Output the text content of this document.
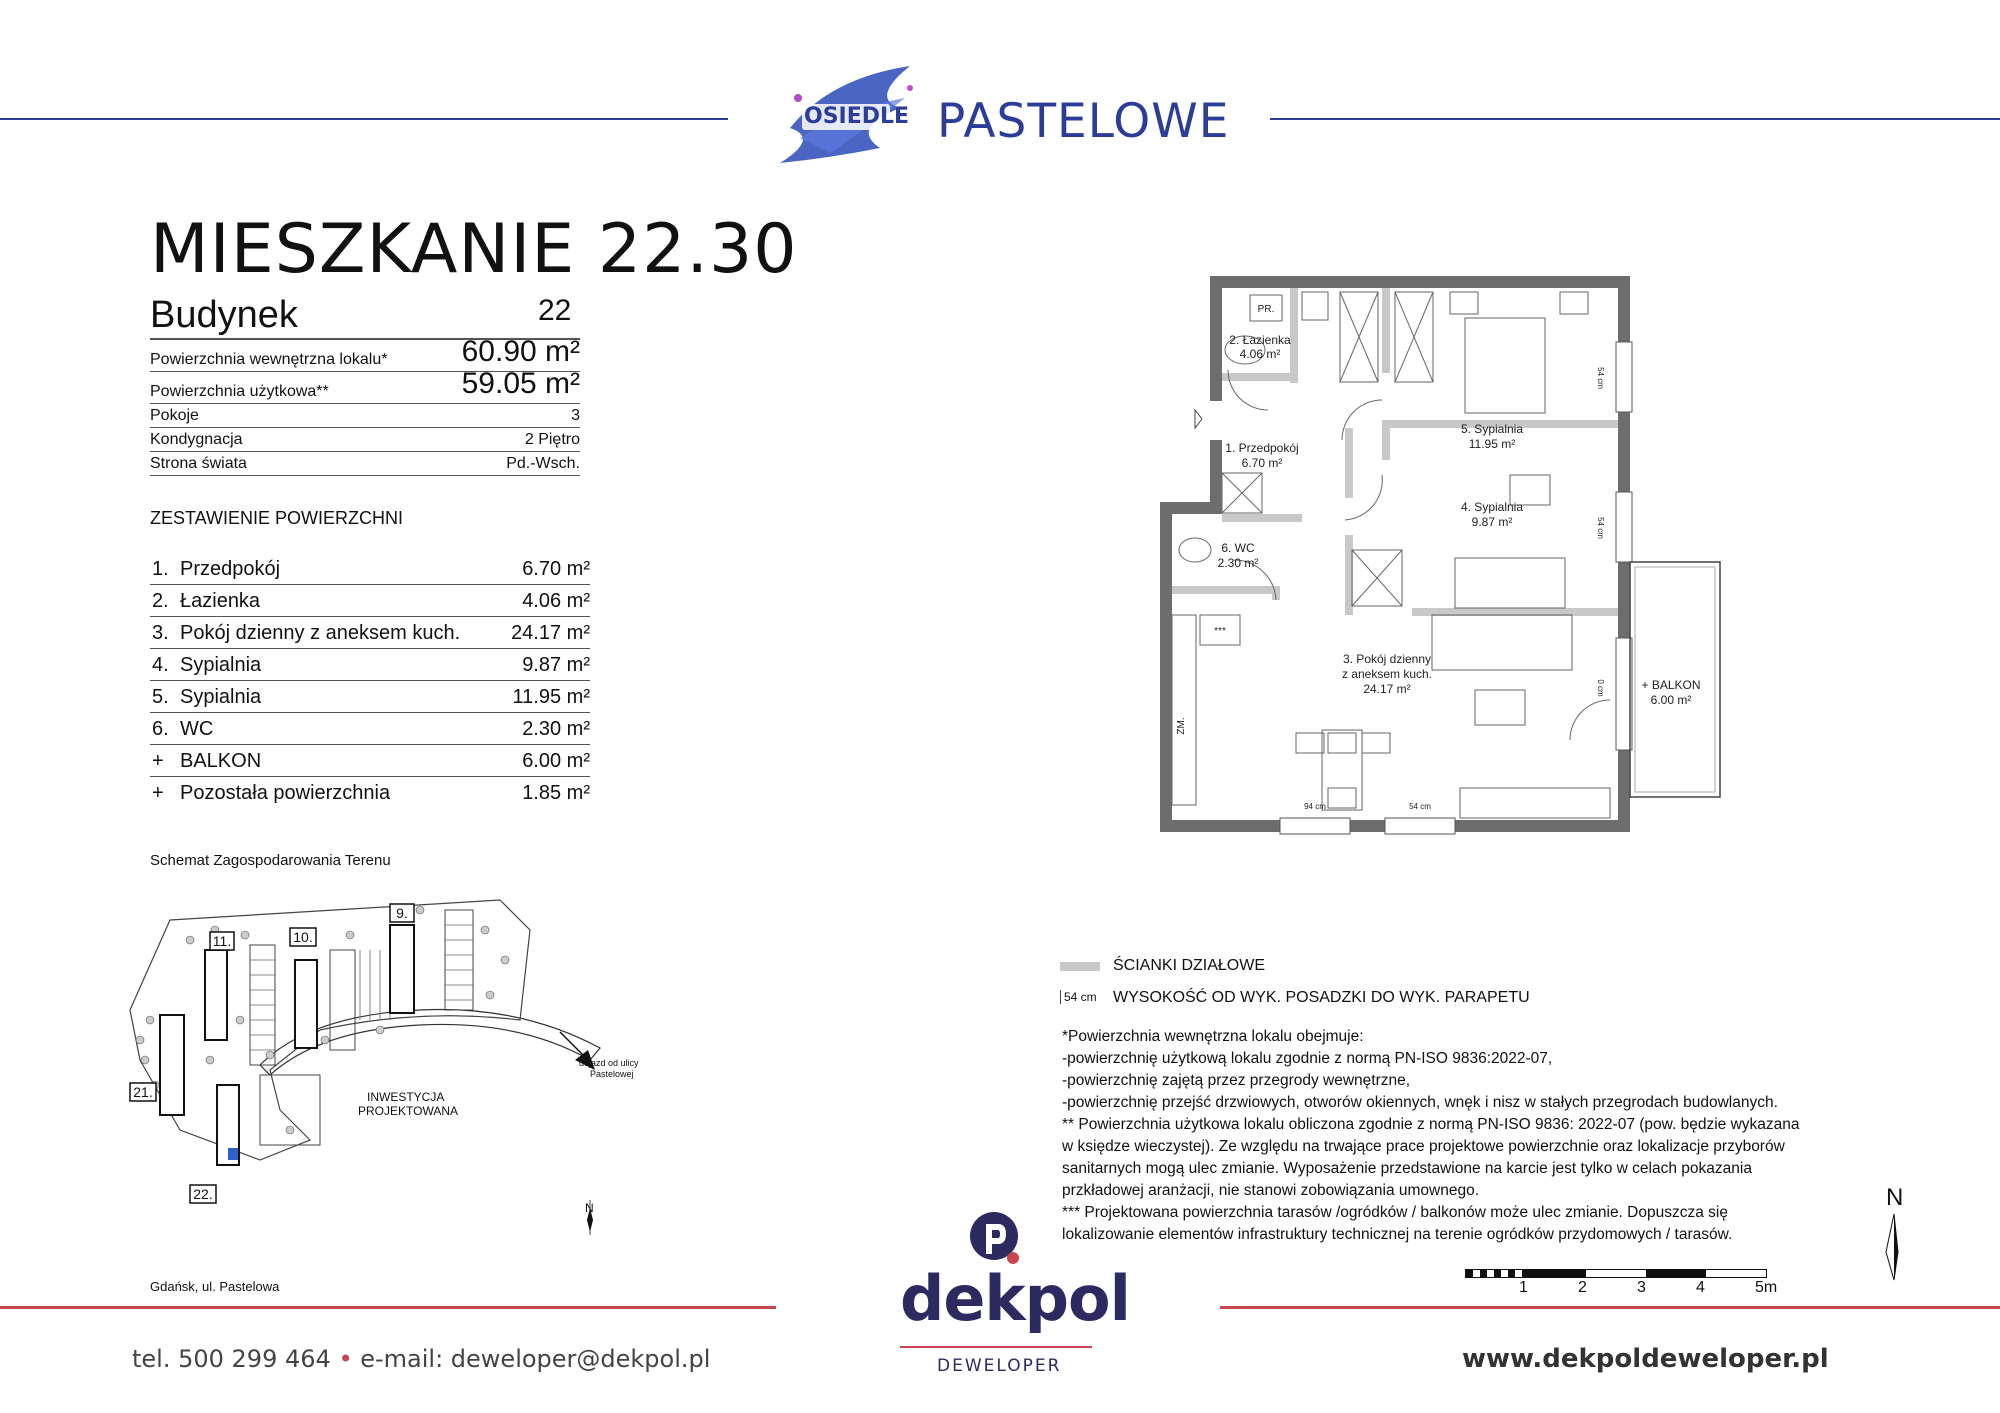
OSIEDLE PASTELOWE
MIESZKANIE 22.30
Budynek	22
Powierzchnia wewnętrzna lokalu* 60.90 m²
Powierzchnia użytkowa**	59.05 m²
Pokoje	3
Kondygnacja	2 Piętro
Strona świata	Pd.-Wsch.
ZESTAWIENIE POWIERZCHNI
1. Przedpokój	6.70 m²
2. Łazienka	4.06 m²
3. Pokój dzienny z aneksem kuch.	24.17 m²
4. Sypialnia	9.87 m²
5. Sypialnia	11.95 m²
6. WC	2.30 m²
+ BALKON	6.00 m²
+ Pozostała powierzchnia	1.85 m²
Schemat Zagospodarowania Terenu
11.	10.
9.
21.
22.
INWESTYCJA
PROJEKTOWANA
dojazd od ulicy
Pastelowej
N
Gdańsk, ul. Pastelowa
PR.
ZM.
***
54 cm
54 cm
0 cm
94 cm	54 cm
2. Łazienka
4.06 m²
1. Przedpokój
6.70 m²
5. Sypialnia
11.95 m²
4. Sypialnia
9.87 m²
6. WC
2.30 m²
3. Pokój dzienny
z aneksem kuch.
24.17 m²	+ BALKON
6.00 m²
ŚCIANKI DZIAŁOWE
54 cm WYSOKOŚĆ OD WYK. POSADZKI DO WYK. PARAPETU
*Powierzchnia wewnętrzna lokalu obejmuje:
-powierzchnię użytkową lokalu zgodnie z normą PN-ISO 9836:2022-07,
-powierzchnię zajętą przez przegrody wewnętrzne,
-powierzchnię przejść drzwiowych, otworów okiennych, wnęk i nisz w stałych przegrodach budowlanych.
** Powierzchnia użytkowa lokalu obliczona zgodnie z normą PN-ISO 9836: 2022-07 (pow. będzie wykazana
w księdze wieczystej). Ze względu na trwające prace projektowe powierzchnie oraz lokalizacje przyborów
sanitarnych mogą ulec zmianie. Wyposażenie przedstawione na karcie jest tylko w celach pokazania
przkładowej aranżacji, nie stanowi zobowiązania umownego.
*** Projektowana powierzchnia tarasów /ogródków / balkonów może ulec zmianie. Dopuszcza się
lokalizowanie elementów infrastruktury technicznej na terenie ogródków przydomowych / tarasów.
1	2	3	4	5m
N
tel. 500 299 464 • e-mail: deweloper@dekpol.pl
dekpol
DEWELOPER	www.dekpoldeweloper.pl
